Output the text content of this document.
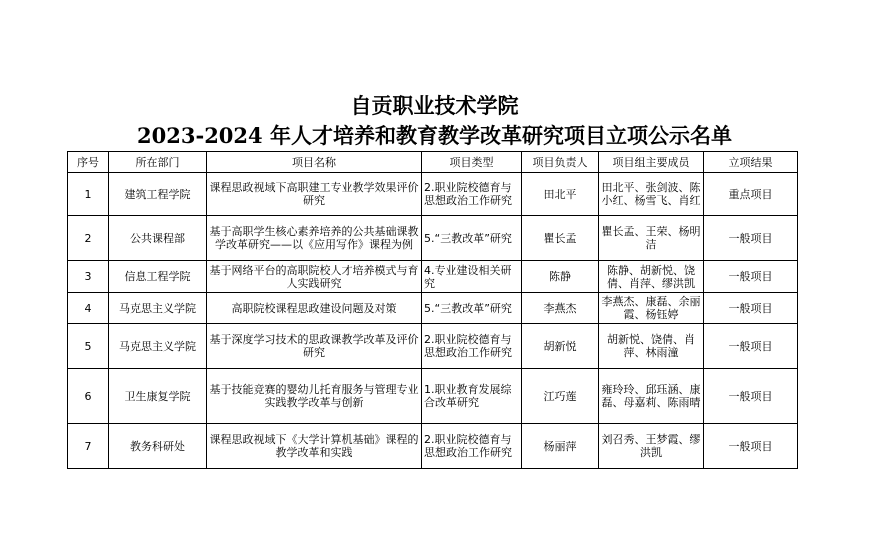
自贡职业技术学院
2023-2024 年人才培养和教育教学改革研究项目立项公示名单
序号	所在部门	项目名称	项目类型	项目负责人	项目组主要成员	立项结果
1	建筑工程学院	课程思政视域下高职建工专业教学效果评价研究	2.职业院校德育与思想政治工作研究	田北平	田北平、张剑波、陈小红、杨雪飞、肖红	重点项目
2	公共课程部	基于高职学生核心素养培养的公共基础课教学改革研究——以《应用写作》课程为例	5.“三教改革”研究	瞿长孟	瞿长孟、王荣、杨明洁	一般项目
3	信息工程学院	基于网络平台的高职院校人才培养模式与育人实践研究	4.专业建设相关研究	陈静	陈静、胡新悦、饶倩、肖萍、缪洪凯	一般项目
4	马克思主义学院	高职院校课程思政建设问题及对策	5.“三教改革”研究	李燕杰	李燕杰、康磊、余丽霞、杨钰婷	一般项目
5	马克思主义学院	基于深度学习技术的思政课教学改革及评价研究	2.职业院校德育与思想政治工作研究	胡新悦	胡新悦、饶倩、肖萍、林雨潼	一般项目
6	卫生康复学院	基于技能竞赛的婴幼儿托育服务与管理专业实践教学改革与创新	1.职业教育发展综合改革研究	江巧莲	雍玲玲、邱珏涵、康磊、母嘉莉、陈雨晴	一般项目
7	教务科研处	课程思政视域下《大学计算机基础》课程的教学改革和实践	2.职业院校德育与思想政治工作研究	杨丽萍	刘召秀、王梦霞、缪洪凯	一般项目
